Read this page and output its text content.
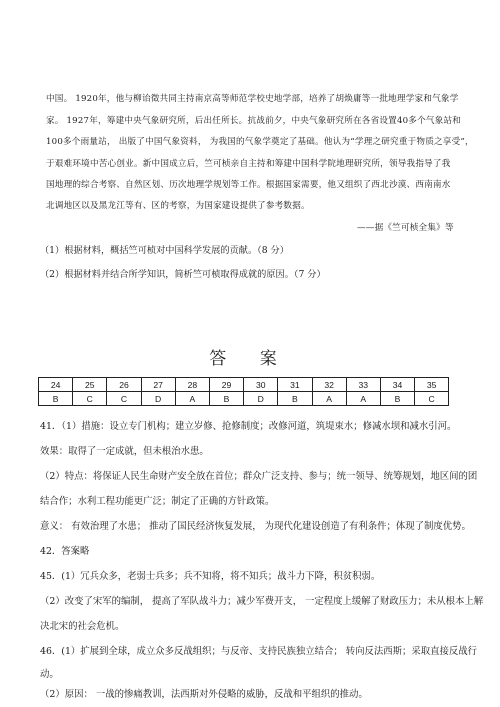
中国。 1920年，他与柳诒徵共同主持南京高等师范学校史地学部，培养了胡焕庸等一批地理学家和气象学
家。 1927年，筹建中央气象研究所，后出任所长。抗战前夕，中央气象研究所在各省设置40多个气象站和
100多个雨量站， 出版了中国气象资料， 为我国的气象学奠定了基础。他认为“学理之研究重于物质之享受”，
于艰难环境中苦心创业。新中国成立后，竺可桢亲自主持和筹建中国科学院地理研究所，领导我指导了我
国地理的综合考察、自然区划、历次地理学规划等工作。根据国家需要，他又组织了西北沙漠、西南南水
北调地区以及黑龙江等有、区的考察，为国家建设提供了参考数据。
——据《竺可桢全集》等
（1）根据材料，概括竺可桢对中国科学发展的贡献。（8 分）
（2）根据材料并结合所学知识，简析竺可桢取得成就的原因。（7 分）
答 案
24	25	26	27	28	29	30	31	32	33	34	35
B	C	C	D	A	B	D	B	A	A	B	C
41．（1）措施：设立专门机构；建立岁修、抢修制度；改修河道，筑堤束水；修减水坝和减水引河。
效果：取得了一定成就，但未根治水患。
（2）特点：将保证人民生命财产安全放在首位；群众广泛支持、参与；统一领导、统筹规划，地区间的团
结合作；水利工程功能更广泛；制定了正确的方针政策。
意义： 有效治理了水患； 推动了国民经济恢复发展， 为现代化建设创造了有利条件；体现了制度优势。
42．答案略
45．(1）冗兵众多，老弱士兵多；兵不知将，将不知兵；战斗力下降，积贫积弱。
（2）改变了宋军的编制， 提高了军队战斗力；减少军费开支， 一定程度上缓解了财政压力；未从根本上解
决北宋的社会危机。
46．(1）扩展到全球，成立众多反战组织；与反帝、支持民族独立结合； 转向反法西斯；采取直接反战行
动。
（2）原因： 一战的惨痛教训，法西斯对外侵略的威胁，反战和平组织的推动。
